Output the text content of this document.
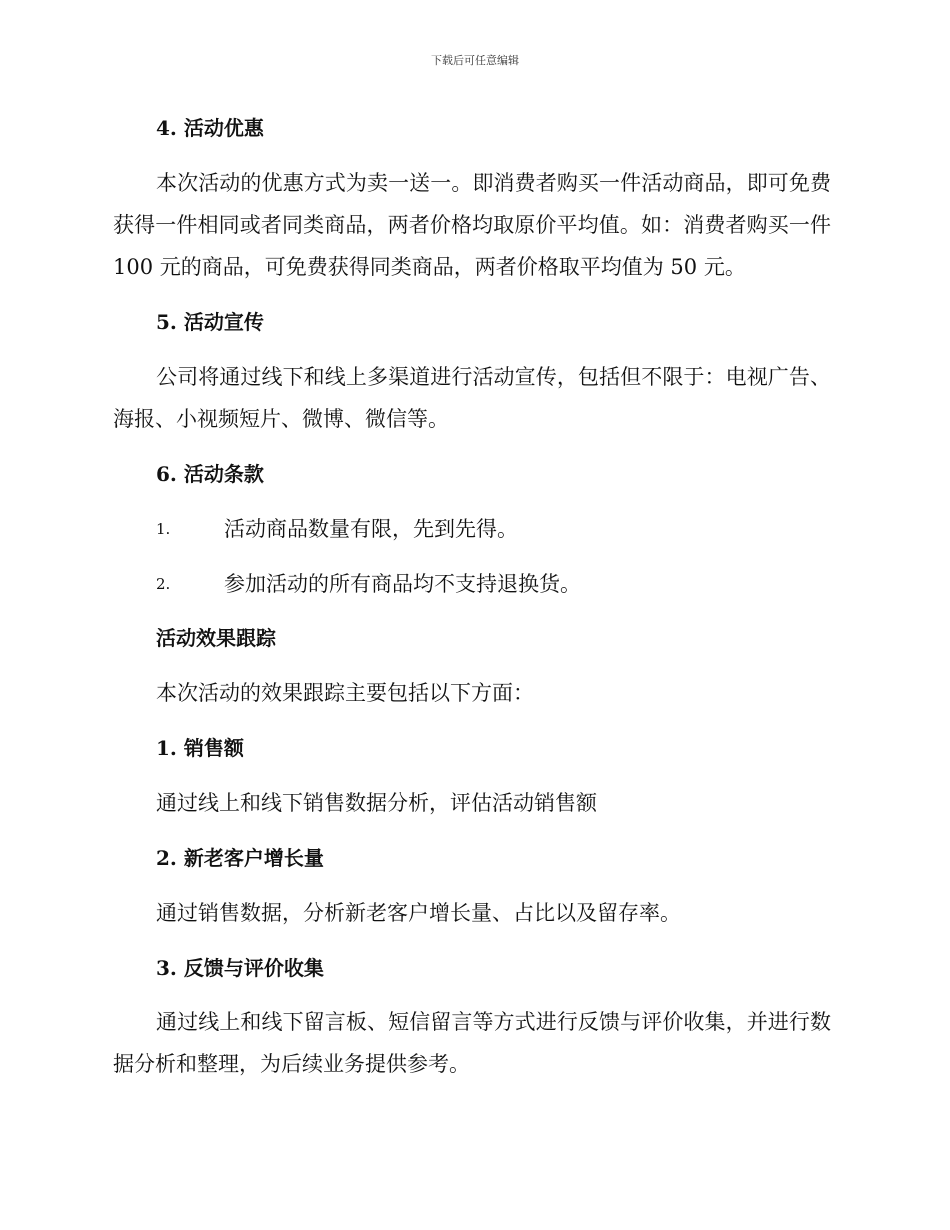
下载后可任意编辑
4. 活动优惠

本次活动的优惠方式为卖一送一。即消费者购买一件活动商品，即可免费获得一件相同或者同类商品，两者价格均取原价平均值。如：消费者购买一件 100 元的商品，可免费获得同类商品，两者价格取平均值为 50 元。

5. 活动宣传

公司将通过线下和线上多渠道进行活动宣传，包括但不限于：电视广告、海报、小视频短片、微博、微信等。

6. 活动条款
1.	活动商品数量有限，先到先得。
2.	参加活动的所有商品均不支持退换货。
活动效果跟踪

本次活动的效果跟踪主要包括以下方面：

1. 销售额

通过线上和线下销售数据分析，评估活动销售额

2. 新老客户增长量

通过销售数据，分析新老客户增长量、占比以及留存率。

3. 反馈与评价收集

通过线上和线下留言板、短信留言等方式进行反馈与评价收集，并进行数据分析和整理，为后续业务提供参考。
